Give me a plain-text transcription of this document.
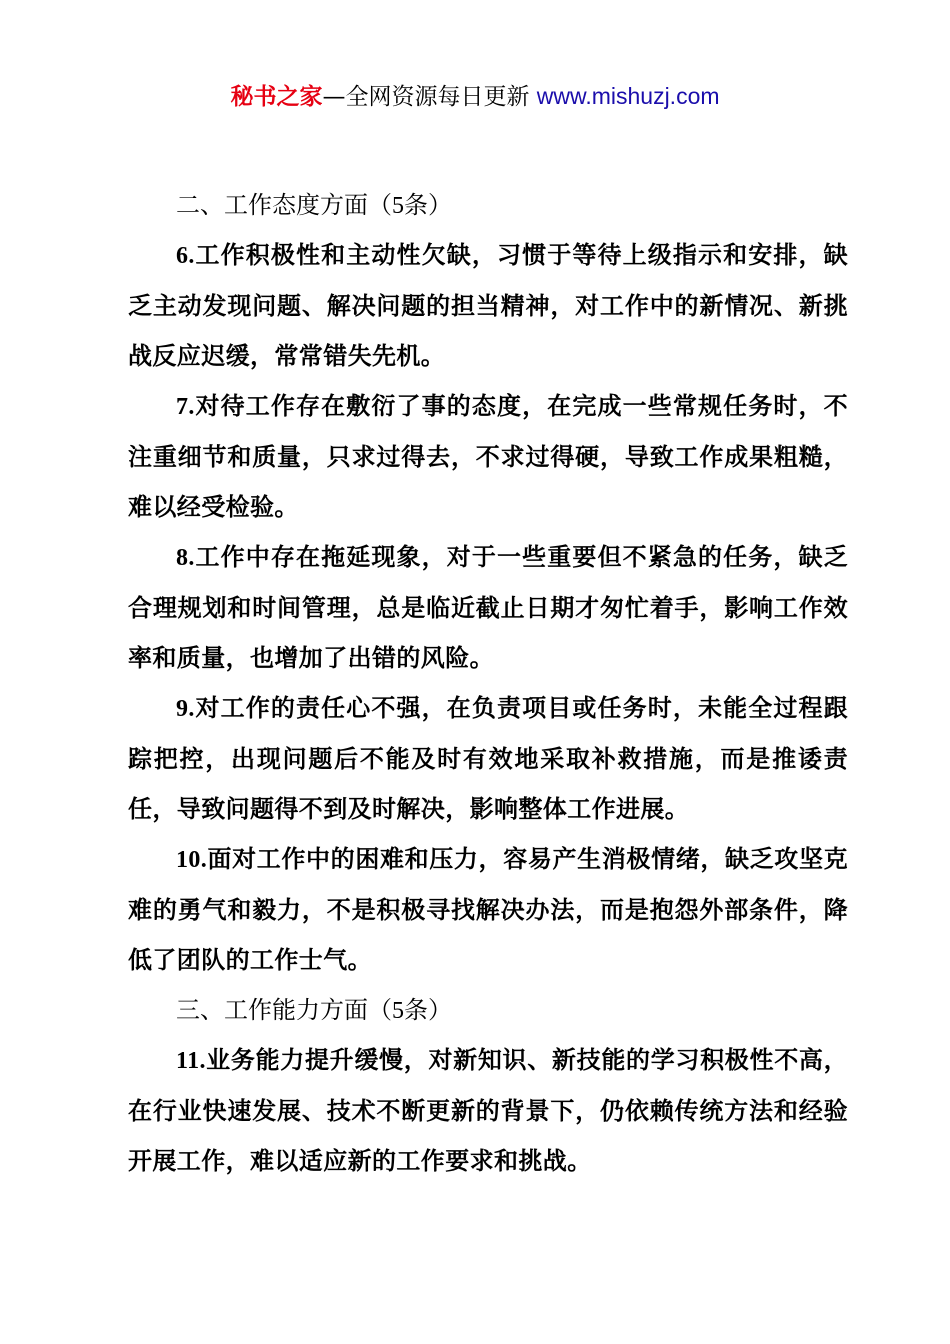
秘书之家—全网资源每日更新 www.mishuzj.com
二、工作态度方面（5条）

6.工作积极性和主动性欠缺，习惯于等待上级指示和安排，缺乏主动发现问题、解决问题的担当精神，对工作中的新情况、新挑战反应迟缓，常常错失先机。

7.对待工作存在敷衍了事的态度，在完成一些常规任务时，不注重细节和质量，只求过得去，不求过得硬，导致工作成果粗糙，难以经受检验。

8.工作中存在拖延现象，对于一些重要但不紧急的任务，缺乏合理规划和时间管理，总是临近截止日期才匆忙着手，影响工作效率和质量，也增加了出错的风险。

9.对工作的责任心不强，在负责项目或任务时，未能全过程跟踪把控，出现问题后不能及时有效地采取补救措施，而是推诿责任，导致问题得不到及时解决，影响整体工作进展。

10.面对工作中的困难和压力，容易产生消极情绪，缺乏攻坚克难的勇气和毅力，不是积极寻找解决办法，而是抱怨外部条件，降低了团队的工作士气。

三、工作能力方面（5条）

11.业务能力提升缓慢，对新知识、新技能的学习积极性不高，在行业快速发展、技术不断更新的背景下，仍依赖传统方法和经验开展工作，难以适应新的工作要求和挑战。
